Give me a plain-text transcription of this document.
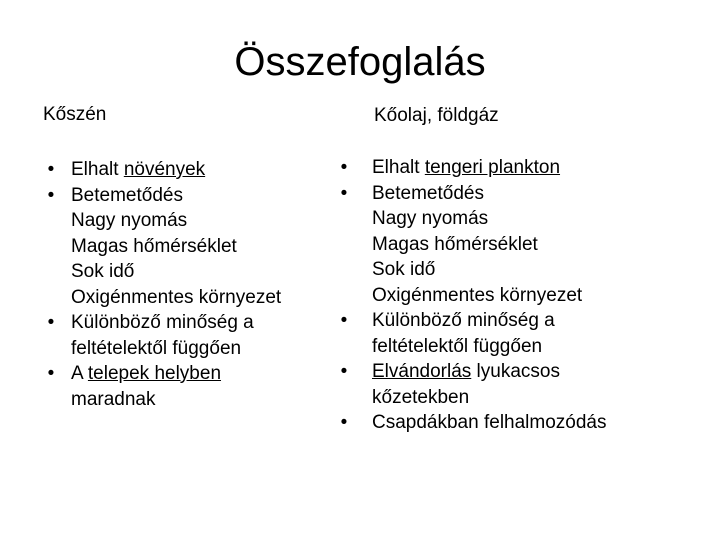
Összefoglalás
Kőszén	Kőolaj, földgáz
• Elhalt növények
• Betemetődés
Nagy nyomás
Magas hőmérséklet
Sok idő
Oxigénmentes környezet
• Különböző minőség a
feltételektől függően
• A telepek helyben
maradnak
• Elhalt tengeri plankton
• Betemetődés
Nagy nyomás
Magas hőmérséklet
Sok idő
Oxigénmentes környezet
• Különböző minőség a
feltételektől függően
• Elvándorlás lyukacsos
kőzetekben
• Csapdákban felhalmozódás
